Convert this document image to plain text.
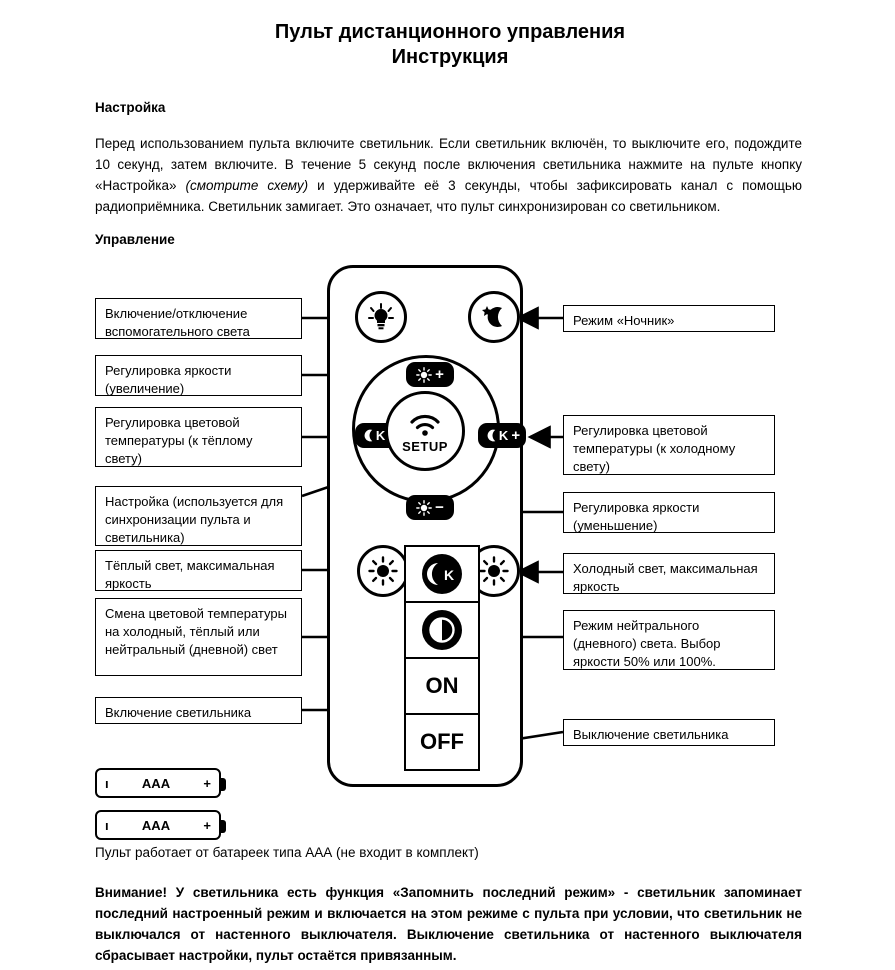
Пульт дистанционного управления
Инструкция
Настройка
Перед использованием пульта включите светильник. Если светильник включён, то выключите его, подождите 10 секунд, затем включите. В течение 5 секунд после включения светильника нажмите на пульте кнопку «Настройка» (смотрите схему) и удерживайте её 3 секунды, чтобы зафиксировать канал с помощью радиоприёмника. Светильник замигает. Это означает, что пульт синхронизирован со светильником.
Управление
+
−
K	K +
SETUP
K
ON
OFF
Включение/отключение вспомогательного света
Регулировка яркости (увеличение)
Регулировка цветовой температуры (к тёплому свету)
Настройка (используется для синхронизации пульта и светильника)
Тёплый свет, максимальная яркость
Смена цветовой температуры на холодный, тёплый или нейтральный (дневной) свет
Включение светильника
Режим «Ночник»
Регулировка цветовой температуры (к холодному свету)
Регулировка яркости (уменьшение)
Холодный свет, максимальная яркость
Режим нейтрального (дневного) света. Выбор яркости 50% или 100%.
Выключение светильника
ı	ААА	+
ı	ААА	+
Пульт работает от батареек типа ААА (не входит в комплект)
Внимание! У светильника есть функция «Запомнить последний режим» - светильник запоминает последний настроенный режим и включается на этом режиме с пульта при условии, что светильник не выключался от настенного выключателя. Выключение светильника от настенного выключателя сбрасывает настройки, пульт остаётся привязанным.
